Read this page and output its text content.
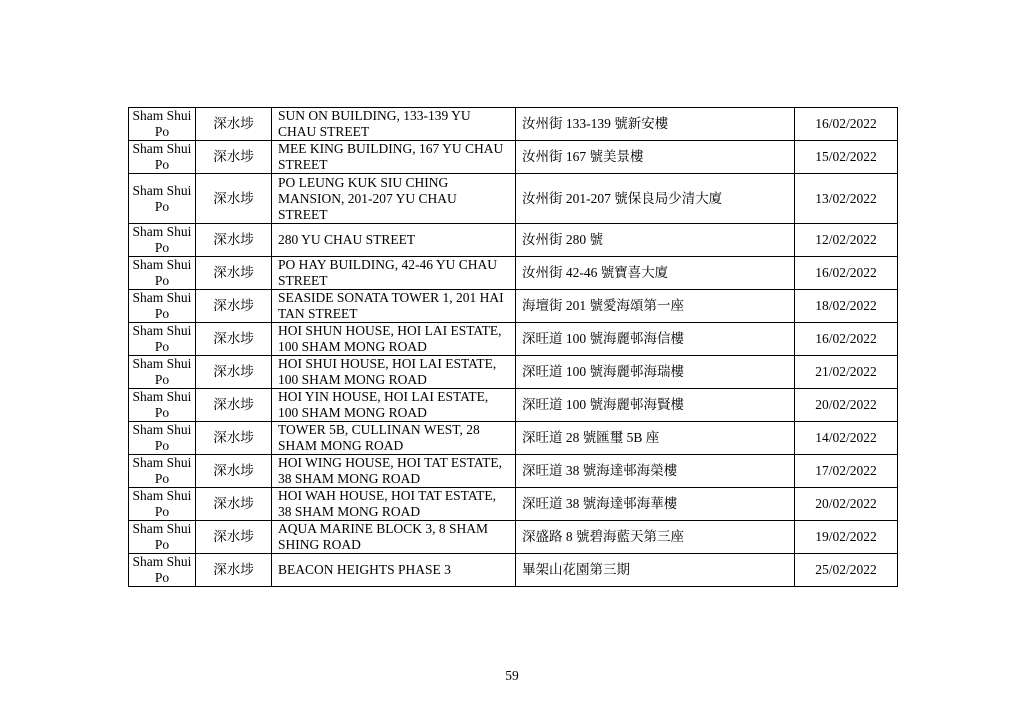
Sham Shui Po	深水埗	SUN ON BUILDING, 133-139 YU CHAU STREET	汝州街 133-139 號新安樓	16/02/2022
Sham Shui Po	深水埗	MEE KING BUILDING, 167 YU CHAU STREET	汝州街 167 號美景樓	15/02/2022
Sham Shui Po	深水埗	PO LEUNG KUK SIU CHING MANSION, 201-207 YU CHAU STREET	汝州街 201-207 號保良局少清大廈	13/02/2022
Sham Shui Po	深水埗	280 YU CHAU STREET	汝州街 280 號	12/02/2022
Sham Shui Po	深水埗	PO HAY BUILDING, 42-46 YU CHAU STREET	汝州街 42-46 號寶喜大廈	16/02/2022
Sham Shui Po	深水埗	SEASIDE SONATA TOWER 1, 201 HAI TAN STREET	海壇街 201 號愛海頌第一座	18/02/2022
Sham Shui Po	深水埗	HOI SHUN HOUSE, HOI LAI ESTATE, 100 SHAM MONG ROAD	深旺道 100 號海麗邨海信樓	16/02/2022
Sham Shui Po	深水埗	HOI SHUI HOUSE, HOI LAI ESTATE, 100 SHAM MONG ROAD	深旺道 100 號海麗邨海瑞樓	21/02/2022
Sham Shui Po	深水埗	HOI YIN HOUSE, HOI LAI ESTATE, 100 SHAM MONG ROAD	深旺道 100 號海麗邨海賢樓	20/02/2022
Sham Shui Po	深水埗	TOWER 5B, CULLINAN WEST, 28 SHAM MONG ROAD	深旺道 28 號匯璽 5B 座	14/02/2022
Sham Shui Po	深水埗	HOI WING HOUSE, HOI TAT ESTATE, 38 SHAM MONG ROAD	深旺道 38 號海達邨海榮樓	17/02/2022
Sham Shui Po	深水埗	HOI WAH HOUSE, HOI TAT ESTATE, 38 SHAM MONG ROAD	深旺道 38 號海達邨海華樓	20/02/2022
Sham Shui Po	深水埗	AQUA MARINE BLOCK 3, 8 SHAM SHING ROAD	深盛路 8 號碧海藍天第三座	19/02/2022
Sham Shui Po	深水埗	BEACON HEIGHTS PHASE 3	畢架山花園第三期	25/02/2022
59
